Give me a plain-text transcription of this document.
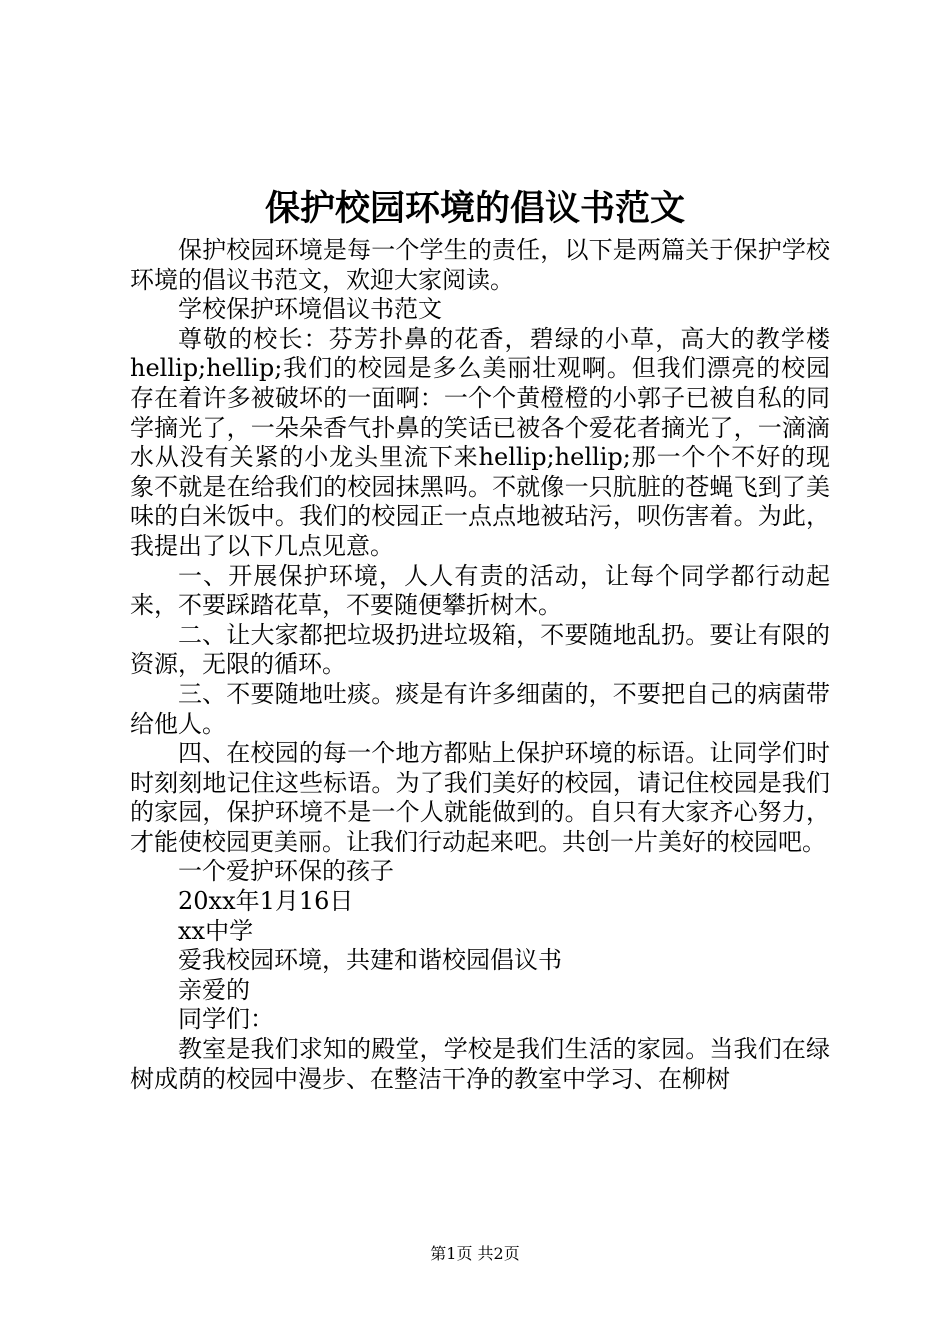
保护校园环境的倡议书范文

保护校园环境是每一个学生的责任，以下是两篇关于保护学校环境的倡议书范文，欢迎大家阅读。

学校保护环境倡议书范文

尊敬的校长：芬芳扑鼻的花香，碧绿的小草，高大的教学楼hellip;hellip;我们的校园是多么美丽壮观啊。但我们漂亮的校园存在着许多被破坏的一面啊：一个个黄橙橙的小郭子已被自私的同学摘光了，一朵朵香气扑鼻的笑话已被各个爱花者摘光了，一滴滴水从没有关紧的小龙头里流下来hellip;hellip;那一个个不好的现象不就是在给我们的校园抹黑吗。不就像一只肮脏的苍蝇飞到了美味的白米饭中。我们的校园正一点点地被玷污，呗伤害着。为此，我提出了以下几点见意。

一、开展保护环境，人人有责的活动，让每个同学都行动起来，不要踩踏花草，不要随便攀折树木。

二、让大家都把垃圾扔进垃圾箱，不要随地乱扔。要让有限的资源，无限的循环。

三、不要随地吐痰。痰是有许多细菌的，不要把自己的病菌带给他人。

四、在校园的每一个地方都贴上保护环境的标语。让同学们时时刻刻地记住这些标语。为了我们美好的校园，请记住校园是我们的家园，保护环境不是一个人就能做到的。自只有大家齐心努力，才能使校园更美丽。让我们行动起来吧。共创一片美好的校园吧。

一个爱护环保的孩子

20xx年1月16日

xx中学

爱我校园环境，共建和谐校园倡议书

亲爱的

同学们：

教室是我们求知的殿堂，学校是我们生活的家园。当我们在绿树成荫的校园中漫步、在整洁干净的教室中学习、在柳树

第1页 共2页
